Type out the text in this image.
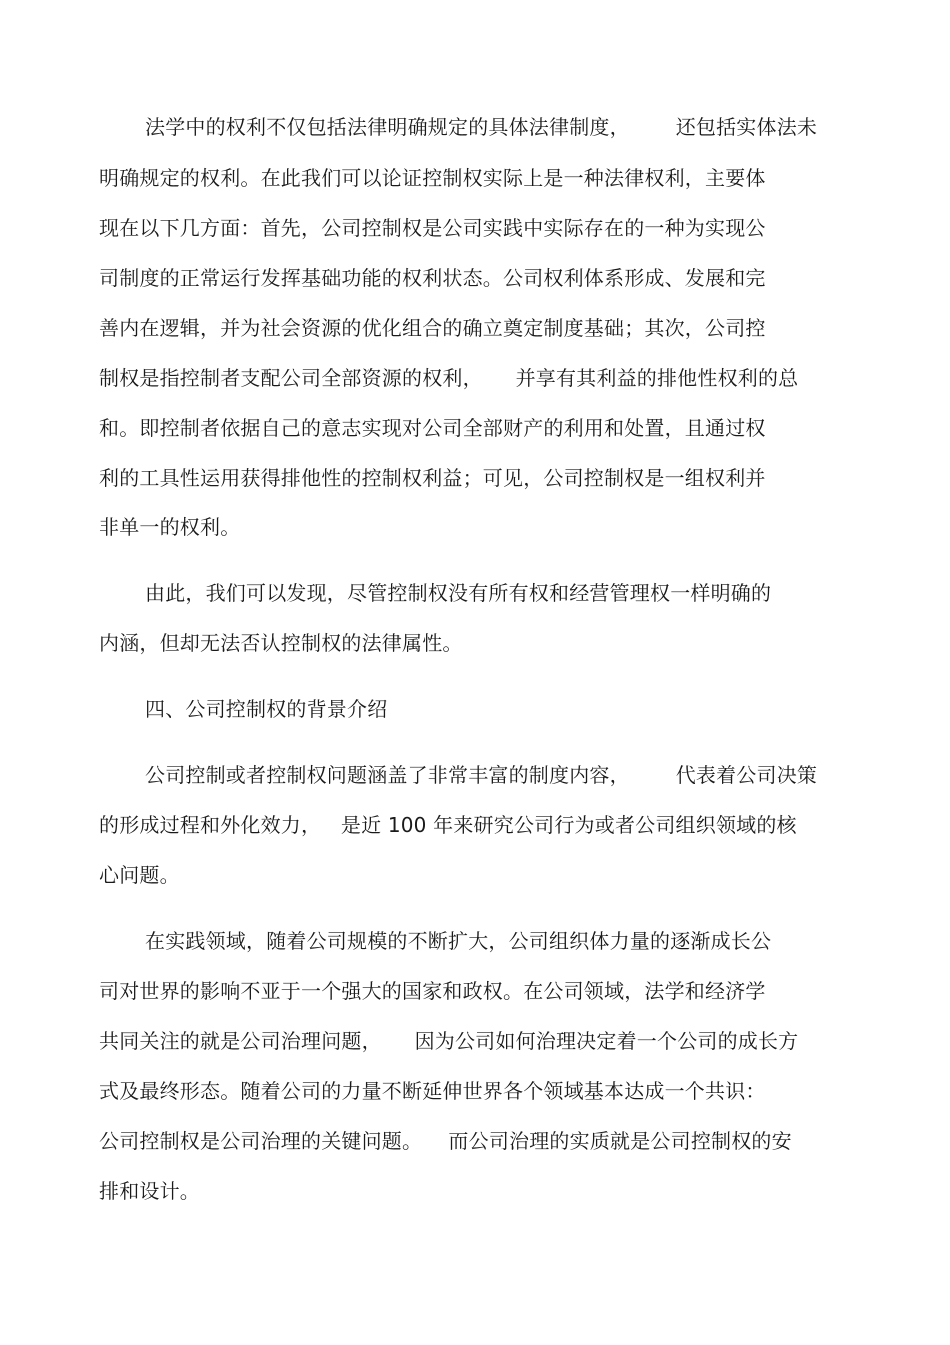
法学中的权利不仅包括法律明确规定的具体法律制度，       还包括实体法未
明确规定的权利。在此我们可以论证控制权实际上是一种法律权利，主要体
现在以下几方面：首先，公司控制权是公司实践中实际存在的一种为实现公
司制度的正常运行发挥基础功能的权利状态。公司权利体系形成、发展和完
善内在逻辑，并为社会资源的优化组合的确立奠定制度基础；其次，公司控
制权是指控制者支配公司全部资源的权利，     并享有其利益的排他性权利的总
和。即控制者依据自己的意志实现对公司全部财产的利用和处置，且通过权
利的工具性运用获得排他性的控制权利益；可见，公司控制权是一组权利并
非单一的权利。
由此，我们可以发现，尽管控制权没有所有权和经营管理权一样明确的
内涵，但却无法否认控制权的法律属性。
四、公司控制权的背景介绍
公司控制或者控制权问题涵盖了非常丰富的制度内容，       代表着公司决策
的形成过程和外化效力，   是近 100 年来研究公司行为或者公司组织领域的核
心问题。
在实践领域，随着公司规模的不断扩大，公司组织体力量的逐渐成长公
司对世界的影响不亚于一个强大的国家和政权。在公司领域，法学和经济学
共同关注的就是公司治理问题，     因为公司如何治理决定着一个公司的成长方
式及最终形态。随着公司的力量不断延伸世界各个领域基本达成一个共识：
公司控制权是公司治理的关键问题。    而公司治理的实质就是公司控制权的安
排和设计。
